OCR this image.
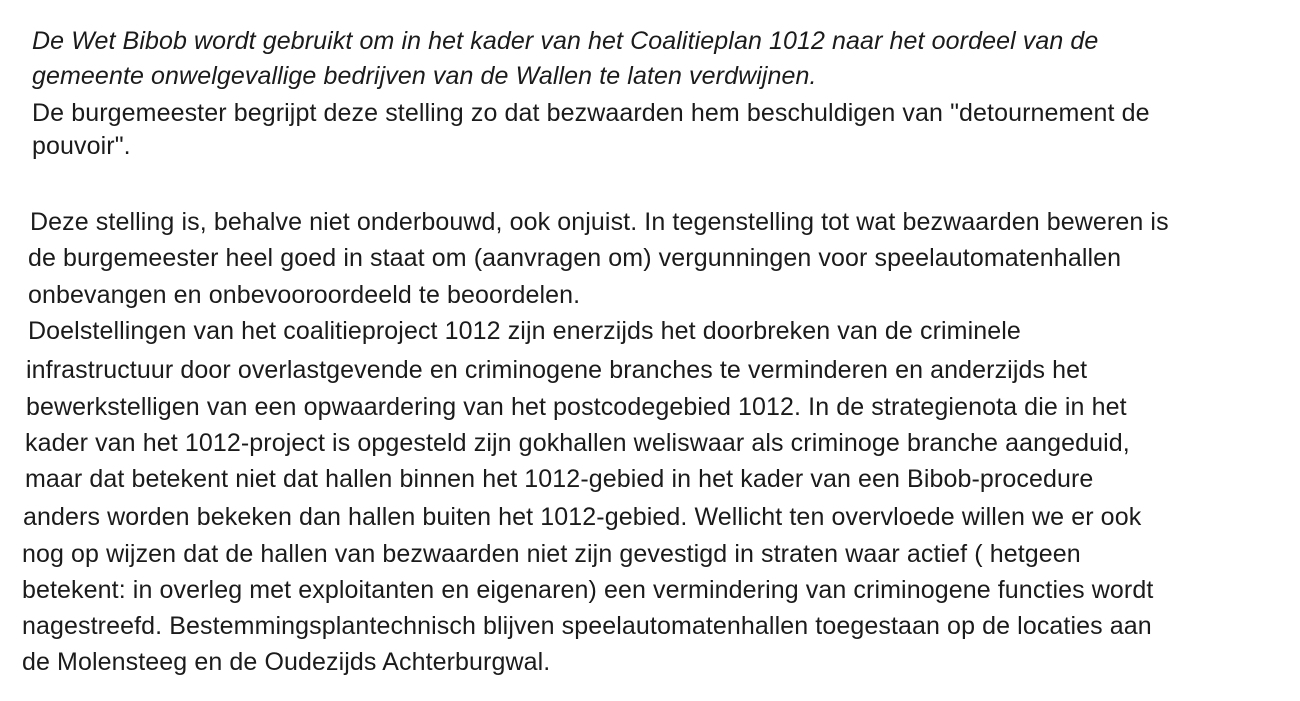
De Wet Bibob wordt gebruikt om in het kader van het Coalitieplan 1012 naar het oordeel van de
gemeente onwelgevallige bedrijven van de Wallen te laten verdwijnen.
De burgemeester begrijpt deze stelling zo dat bezwaarden hem beschuldigen van "detournement de
pouvoir".
Deze stelling is, behalve niet onderbouwd, ook onjuist. In tegenstelling tot wat bezwaarden beweren is
de burgemeester heel goed in staat om (aanvragen om) vergunningen voor speelautomatenhallen
onbevangen en onbevooroordeeld te beoordelen.
Doelstellingen van het coalitieproject 1012 zijn enerzijds het doorbreken van de criminele
infrastructuur door overlastgevende en criminogene branches te verminderen en anderzijds het
bewerkstelligen van een opwaardering van het postcodegebied 1012. In de strategienota die in het
kader van het 1012-project is opgesteld zijn gokhallen weliswaar als criminoge branche aangeduid,
maar dat betekent niet dat hallen binnen het 1012-gebied in het kader van een Bibob-procedure
anders worden bekeken dan hallen buiten het 1012-gebied. Wellicht ten overvloede willen we er ook
nog op wijzen dat de hallen van bezwaarden niet zijn gevestigd in straten waar actief ( hetgeen
betekent: in overleg met exploitanten en eigenaren) een vermindering van criminogene functies wordt
nagestreefd. Bestemmingsplantechnisch blijven speelautomatenhallen toegestaan op de locaties aan
de Molensteeg en de Oudezijds Achterburgwal.
